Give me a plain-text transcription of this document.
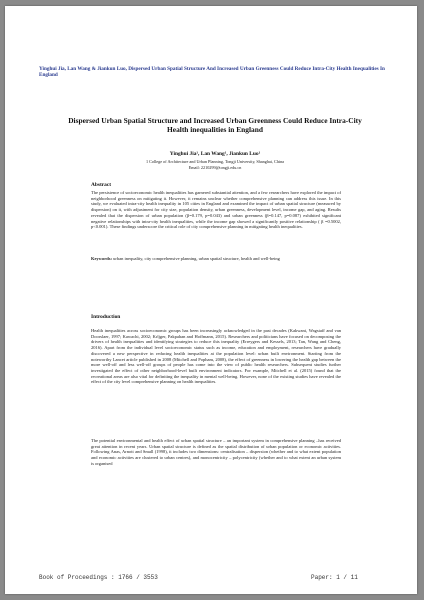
Yinghui Jia, Lan Wang & Jiankun Luo, Dispersed Urban Spatial Structure And Increased Urban Greenness Could Reduce Intra-City Health Inequalities In England
Dispersed Urban Spatial Structure and Increased Urban Greenness Could Reduce Intra-City Health inequalities in England
Yinghui Jia¹, Lan Wang¹, Jiankun Luo¹
1 College of Architecture and Urban Planning, Tongji University, Shanghai, China
Email: 2210299@tongji.edu.cn
Abstract
The persistence of socioeconomic health inequalities has garnered substantial attention, and a few researchers have explored the impact of neighborhood greenness on mitigating it. However, it remains unclear whether comprehensive planning can address this issue. In this study, we evaluated intra-city health inequality in 105 cities in England and examined the impact of urban spatial structure (measured by dispersion) on it, with adjustment for city size, population density, urban greenness, development level, income gap, and aging. Results revealed that the dispersion of urban population (β=0.179, p=0.043) and urban greenness (β=0.147, p=0.087) exhibited significant negative relationships with intra-city health inequalities, while the income gap showed a significantly positive relationship ( β =0.5002, p<0.001). These findings underscore the critical role of city comprehensive planning in mitigating health inequalities.
Keywords: urban inequality, city comprehensive planning, urban spatial structure, health and well-being
Introduction
Health inequalities across socioeconomic groups has been increasingly acknowledged in the past decades (Kakwani, Wagstaff and van Doorslaer, 1997; Kawachi, 2002; Krljger, Pakpahan and Hoffmann, 2015). Researchers and politicians have focused on decomposing the drivers of health inequalities and identifying strategies to reduce this inequality (Erreygers and Kessels, 2013; Tan, Wang and Cheng, 2016). Apart from the individual level socioeconomic status such as income, education and employment, researchers have gradually discovered a new perspective in reducing health inequalities at the population level: urban built environment. Starting from the noteworthy Lancet article published in 2008 (Mitchell and Popham, 2008), the effect of greenness in lowering the health gap between the more well-off and less well-off groups of people has come into the view of public health researchers. Subsequent studies further investigated the effect of other neighborhood-level built environment indicators. For example, Mitchell et al. (2015) found that the recreational areas are also vital for definiting the inequality in mental well-being. However, none of the existing studies have revealed the effect of the city level comprehensive planning on health inequalities.
The potential environmental and health effect of urban spatial structure – an important system in comprehensive planning –has received great attention in recent years. Urban spatial structure is defined as the spatial distribution of urban population or economic activities. Following Anas, Arnott and Small (1998), it includes two dimensions: centralisation – dispersion (whether and to what extent population and economic activities are clustered to urban centres), and monocentricity – polycentricity (whether and to what extent an urban system is organised
Book of Proceedings : 1766 / 3553	Paper: 1 / 11
